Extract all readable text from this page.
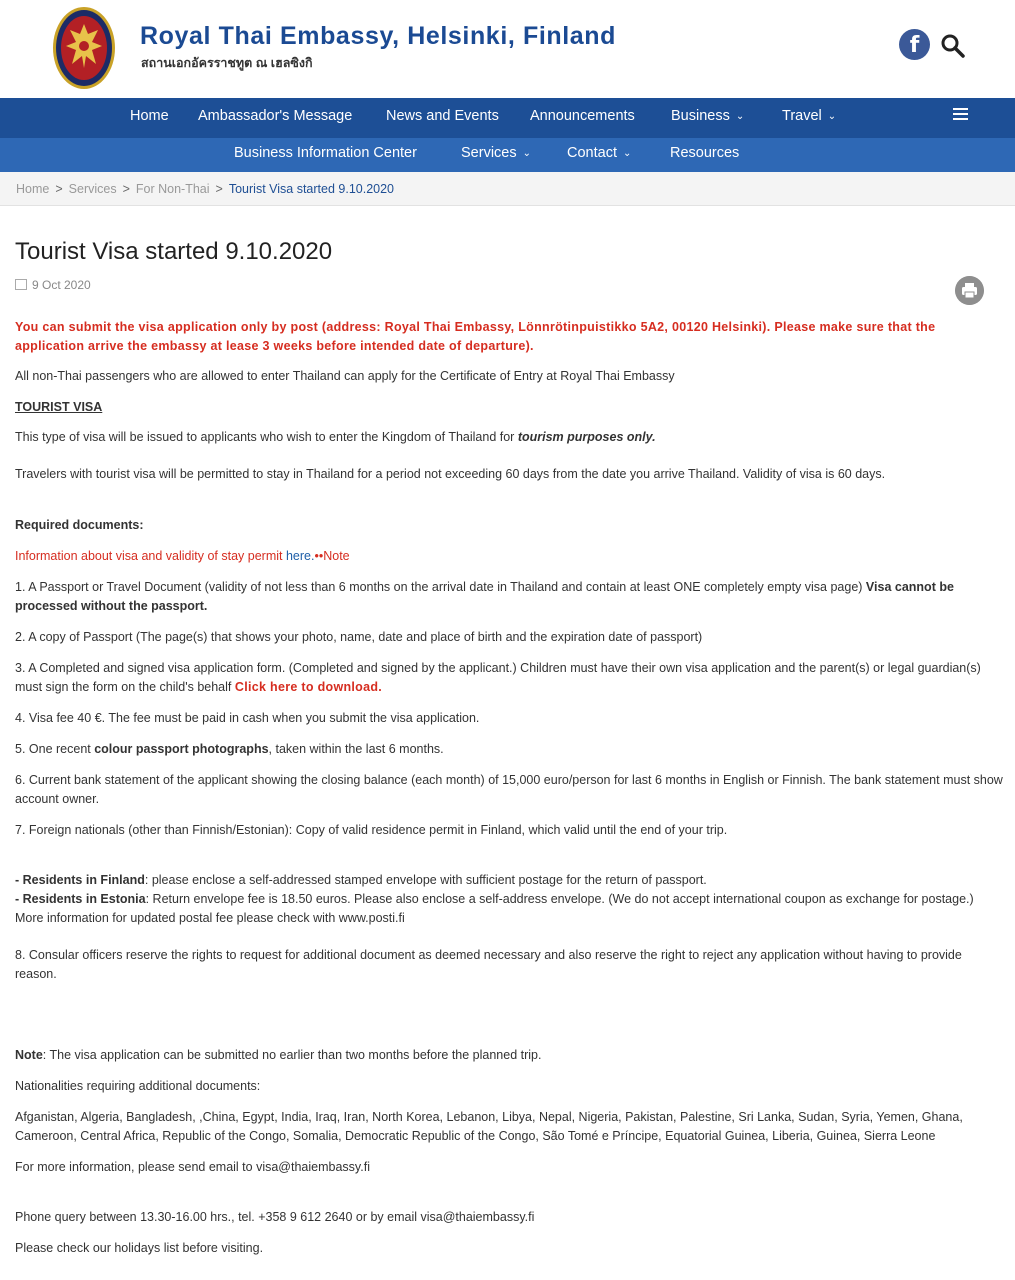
Royal Thai Embassy, Helsinki, Finland
สถานเอกอัครราชทูต ณ เฮลซิงกิ
f
Home Ambassador's Message News and Events Announcements Business ⌄	Travel ⌄
Business Information Center	Services ⌄ Contact ⌄	Resources
Home > Services > For Non-Thai > Tourist Visa started 9.10.2020
Tourist Visa started 9.10.2020
9 Oct 2020

You can submit the visa application only by post (address: Royal Thai Embassy, Lönnrötinpuistikko 5A2, 00120 Helsinki). Please make sure that the application arrive the embassy at lease 3 weeks before intended date of departure).

All non-Thai passengers who are allowed to enter Thailand can apply for the Certificate of Entry at Royal Thai Embassy

TOURIST VISA

This type of visa will be issued to applicants who wish to enter the Kingdom of Thailand for tourism purposes only.

Travelers with tourist visa will be permitted to stay in Thailand for a period not exceeding 60 days from the date you arrive Thailand. Validity of visa is 60 days.

Required documents:

Information about visa and validity of stay permit here.••Note

1. A Passport or Travel Document (validity of not less than 6 months on the arrival date in Thailand and contain at least ONE completely empty visa page) Visa cannot be processed without the passport.

2. A copy of Passport (The page(s) that shows your photo, name, date and place of birth and the expiration date of passport)

3. A Completed and signed visa application form. (Completed and signed by the applicant.) Children must have their own visa application and the parent(s) or legal guardian(s) must sign the form on the child's behalf Click here to download.

4. Visa fee 40 €. The fee must be paid in cash when you submit the visa application.

5. One recent colour passport photographs, taken within the last 6 months.

6. Current bank statement of the applicant showing the closing balance (each month) of 15,000 euro/person for last 6 months in English or Finnish. The bank statement must show account owner.

7. Foreign nationals (other than Finnish/Estonian): Copy of valid residence permit in Finland, which valid until the end of your trip.

- Residents in Finland: please enclose a self-addressed stamped envelope with sufficient postage for the return of passport.

- Residents in Estonia: Return envelope fee is 18.50 euros. Please also enclose a self-address envelope. (We do not accept international coupon as exchange for postage.) More information for updated postal fee please check with www.posti.fi

8. Consular officers reserve the rights to request for additional document as deemed necessary and also reserve the right to reject any application without having to provide reason.

Note: The visa application can be submitted no earlier than two months before the planned trip.

Nationalities requiring additional documents:

Afganistan, Algeria, Bangladesh, ,China, Egypt, India, Iraq, Iran, North Korea, Lebanon, Libya, Nepal, Nigeria, Pakistan, Palestine, Sri Lanka, Sudan, Syria, Yemen, Ghana, Cameroon, Central Africa, Republic of the Congo, Somalia, Democratic Republic of the Congo, São Tomé e Príncipe, Equatorial Guinea, Liberia, Guinea, Sierra Leone

For more information, please send email to visa@thaiembassy.fi

Phone query between 13.30-16.00 hrs., tel. +358 9 612 2640 or by email visa@thaiembassy.fi

Please check our holidays list before visiting.
